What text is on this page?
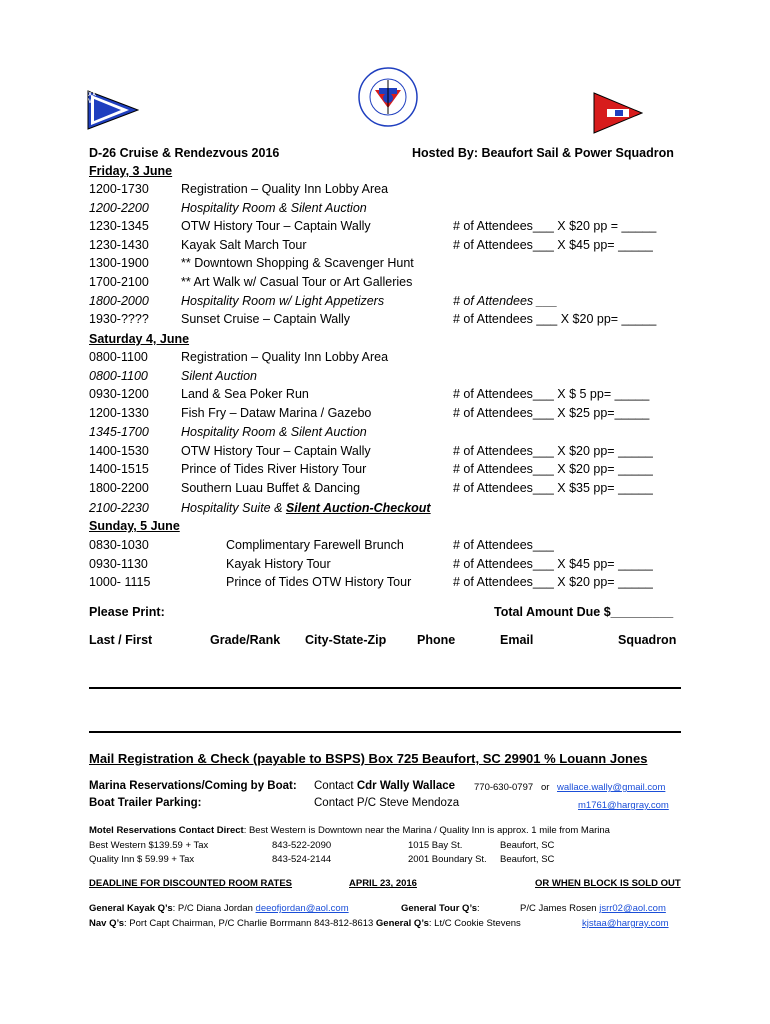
XXVI
D-26 Cruise & Rendezvous 2016	Hosted By: Beaufort Sail & Power Squadron
Friday, 3 June
1200-1730	Registration – Quality Inn Lobby Area
1200-2200	Hospitality Room & Silent Auction
1230-1345	OTW History Tour – Captain Wally	# of Attendees___ X $20 pp = _____
1230-1430	Kayak Salt March Tour	# of Attendees___ X $45 pp= _____
1300-1900	** Downtown Shopping & Scavenger Hunt
1700-2100	** Art Walk w/ Casual Tour or Art Galleries
1800-2000	Hospitality Room w/ Light Appetizers	# of Attendees ___
1930-????	Sunset Cruise – Captain Wally	# of Attendees ___ X $20 pp= _____
Saturday 4, June
0800-1100	Registration – Quality Inn Lobby Area
0800-1100	Silent Auction
0930-1200	Land & Sea Poker Run	# of Attendees___ X $ 5 pp= _____
1200-1330	Fish Fry – Dataw Marina / Gazebo	# of Attendees___ X $25 pp=_____
1345-1700	Hospitality Room & Silent Auction
1400-1530	OTW History Tour – Captain Wally	# of Attendees___ X $20 pp= _____
1400-1515	Prince of Tides River History Tour	# of Attendees___ X $20 pp= _____
1800-2200	Southern Luau Buffet & Dancing	# of Attendees___ X $35 pp= _____
2100-2230	Hospitality Suite & Silent Auction-Checkout
Sunday, 5 June
0830-1030	Complimentary Farewell Brunch	# of Attendees___
0930-1130	Kayak History Tour	# of Attendees___ X $45 pp= _____
1000- 1115	Prince of Tides OTW History Tour	# of Attendees___ X $20 pp= _____
Please Print:	Total Amount Due $_________
Last / First	Grade/Rank City-State-Zip Phone	Email	Squadron
Mail Registration & Check (payable to BSPS) Box 725 Beaufort, SC 29901 % Louann Jones
Marina Reservations/Coming by Boat: Contact Cdr Wally Wallace 770-630-0797 or wallace.wally@gmail.com
Boat Trailer Parking:	Contact P/C Steve Mendoza	m1761@hargray.com
Motel Reservations Contact Direct: Best Western is Downtown near the Marina / Quality Inn is approx. 1 mile from Marina
Best Western $139.59 + Tax	843-522-2090	1015 Bay St.	Beaufort, SC
Quality Inn $ 59.99 + Tax	843-524-2144	2001 Boundary St. Beaufort, SC
DEADLINE FOR DISCOUNTED ROOM RATES	APRIL 23, 2016	OR WHEN BLOCK IS SOLD OUT
General Kayak Q’s: P/C Diana Jordan deeofjordan@aol.com	General Tour Q’s:	P/C James Rosen jsrr02@aol.com
Nav Q’s: Port Capt Chairman, P/C Charlie Borrmann 843-812-8613 General Q’s: Lt/C Cookie Stevens	kjstaa@hargray.com
